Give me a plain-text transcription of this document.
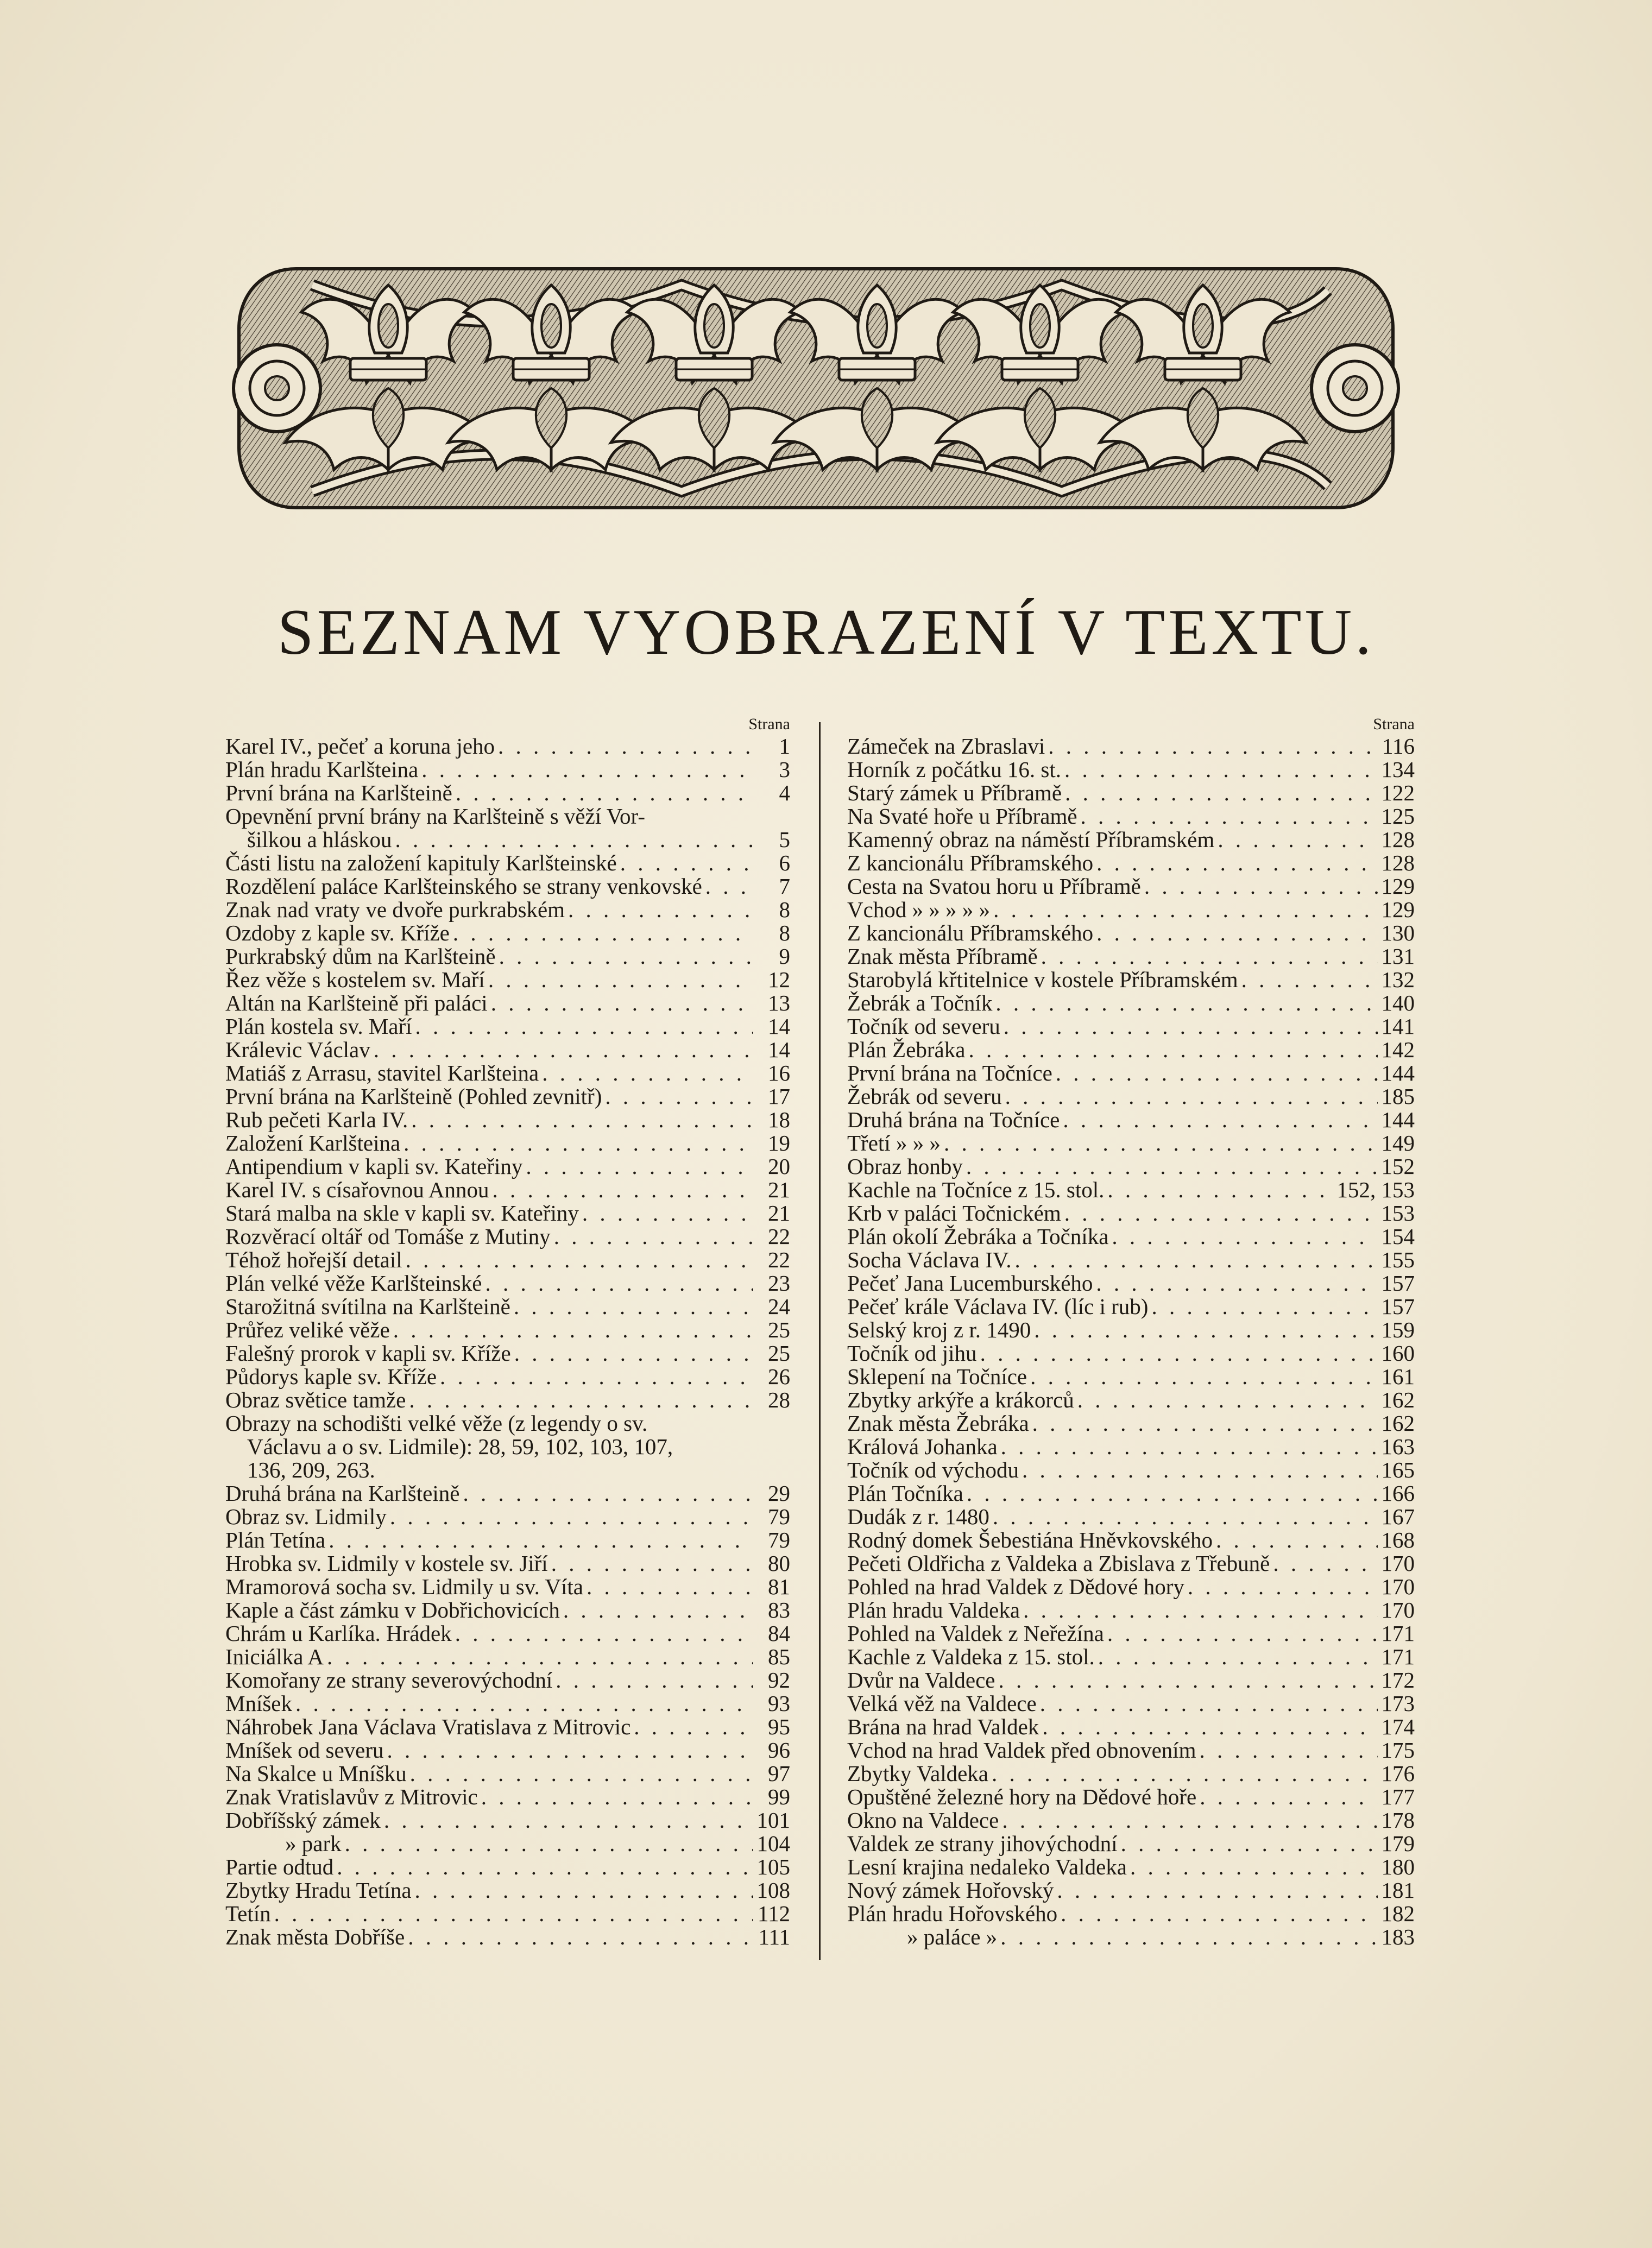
SEZNAM VYOBRAZENÍ V TEXTU.
Strana
Karel IV., pečeť a koruna jeho . . .	1
Plán hradu Karlšteina . . .	3
První brána na Karlšteině . . .	4
Opevnění první brány na Karlšteině s věží Vor-
šilkou a hláskou . . .	5
Části listu na založení kapituly Karlšteinské . . .	6
Rozdělení paláce Karlšteinského se strany venkovské . . .	7
Znak nad vraty ve dvoře purkrabském . . .	8
Ozdoby z kaple sv. Kříže . . .	8
Purkrabský dům na Karlšteině . . .	9
Řez věže s kostelem sv. Maří . . .	12
Altán na Karlšteině při paláci . . .	13
Plán kostela sv. Maří . . .	14
Králevic Václav . . .	14
Matiáš z Arrasu, stavitel Karlšteina . . .	16
První brána na Karlšteině (Pohled zevnitř) . . .	17
Rub pečeti Karla IV. . . .	18
Založení Karlšteina . . .	19
Antipendium v kapli sv. Kateřiny . . .	20
Karel IV. s císařovnou Annou . . .	21
Stará malba na skle v kapli sv. Kateřiny . . .	21
Rozvěrací oltář od Tomáše z Mutiny . . .	22
Téhož hořejší detail . . .	22
Plán velké věže Karlšteinské . . .	23
Starožitná svítilna na Karlšteině . . .	24
Průřez veliké věže . . .	25
Falešný prorok v kapli sv. Kříže . . .	25
Půdorys kaple sv. Kříže . . .	26
Obraz světice tamže . . .	28
Obrazy na schodišti velké věže (z legendy o sv.
Václavu a o sv. Lidmile): 28, 59, 102, 103, 107,
136, 209, 263.
Druhá brána na Karlšteině . . .	29
Obraz sv. Lidmily . . .	79
Plán Tetína . . .	79
Hrobka sv. Lidmily v kostele sv. Jiří . . .	80
Mramorová socha sv. Lidmily u sv. Víta . . .	81
Kaple a část zámku v Dobřichovicích . . .	83
Chrám u Karlíka. Hrádek . . .	84
Iniciálka A . . .	85
Komořany ze strany severovýchodní . . .	92
Mníšek . . .	93
Náhrobek Jana Václava Vratislava z Mitrovic . . .	95
Mníšek od severu . . .	96
Na Skalce u Mníšku . . .	97
Znak Vratislavův z Mitrovic . . .	99
Dobříšský zámek . . .	101
» park . . .	104
Partie odtud . . .	105
Zbytky Hradu Tetína . . .	108
Tetín . . .	112
Znak města Dobříše . . .	111
Strana
Zámeček na Zbraslavi . . .	116
Horník z počátku 16. st. . . .	134
Starý zámek u Příbramě . . .	122
Na Svaté hoře u Příbramě . . .	125
Kamenný obraz na náměstí Příbramském . . .	128
Z kancionálu Příbramského . . .	128
Cesta na Svatou horu u Příbramě . . .	129
Vchod » » » » » . . .	129
Z kancionálu Příbramského . . .	130
Znak města Příbramě . . .	131
Starobylá křtitelnice v kostele Příbramském . . .	132
Žebrák a Točník . . .	140
Točník od severu . . .	141
Plán Žebráka . . .	142
První brána na Točníce . . .	144
Žebrák od severu . . .	185
Druhá brána na Točníce . . .	144
Třetí » » » . . .	149
Obraz honby . . .	152
Kachle na Točníce z 15. stol. . . .	152, 153
Krb v paláci Točnickém . . .	153
Plán okolí Žebráka a Točníka . . .	154
Socha Václava IV. . . .	155
Pečeť Jana Lucemburského . . .	157
Pečeť krále Václava IV. (líc i rub) . . .	157
Selský kroj z r. 1490 . . .	159
Točník od jihu . . .	160
Sklepení na Točníce . . .	161
Zbytky arkýře a krákorců . . .	162
Znak města Žebráka . . .	162
Králová Johanka . . .	163
Točník od východu . . .	165
Plán Točníka . . .	166
Dudák z r. 1480 . . .	167
Rodný domek Šebestiána Hněvkovského . . .	168
Pečeti Oldřicha z Valdeka a Zbislava z Třebuně . . .	170
Pohled na hrad Valdek z Dědové hory . . .	170
Plán hradu Valdeka . . .	170
Pohled na Valdek z Neřežína . . .	171
Kachle z Valdeka z 15. stol. . . .	171
Dvůr na Valdece . . .	172
Velká věž na Valdece . . .	173
Brána na hrad Valdek . . .	174
Vchod na hrad Valdek před obnovením . . .	175
Zbytky Valdeka . . .	176
Opuštěné železné hory na Dědové hoře . . .	177
Okno na Valdece . . .	178
Valdek ze strany jihovýchodní . . .	179
Lesní krajina nedaleko Valdeka . . .	180
Nový zámek Hořovský . . .	181
Plán hradu Hořovského . . .	182
» paláce » . . .	183
